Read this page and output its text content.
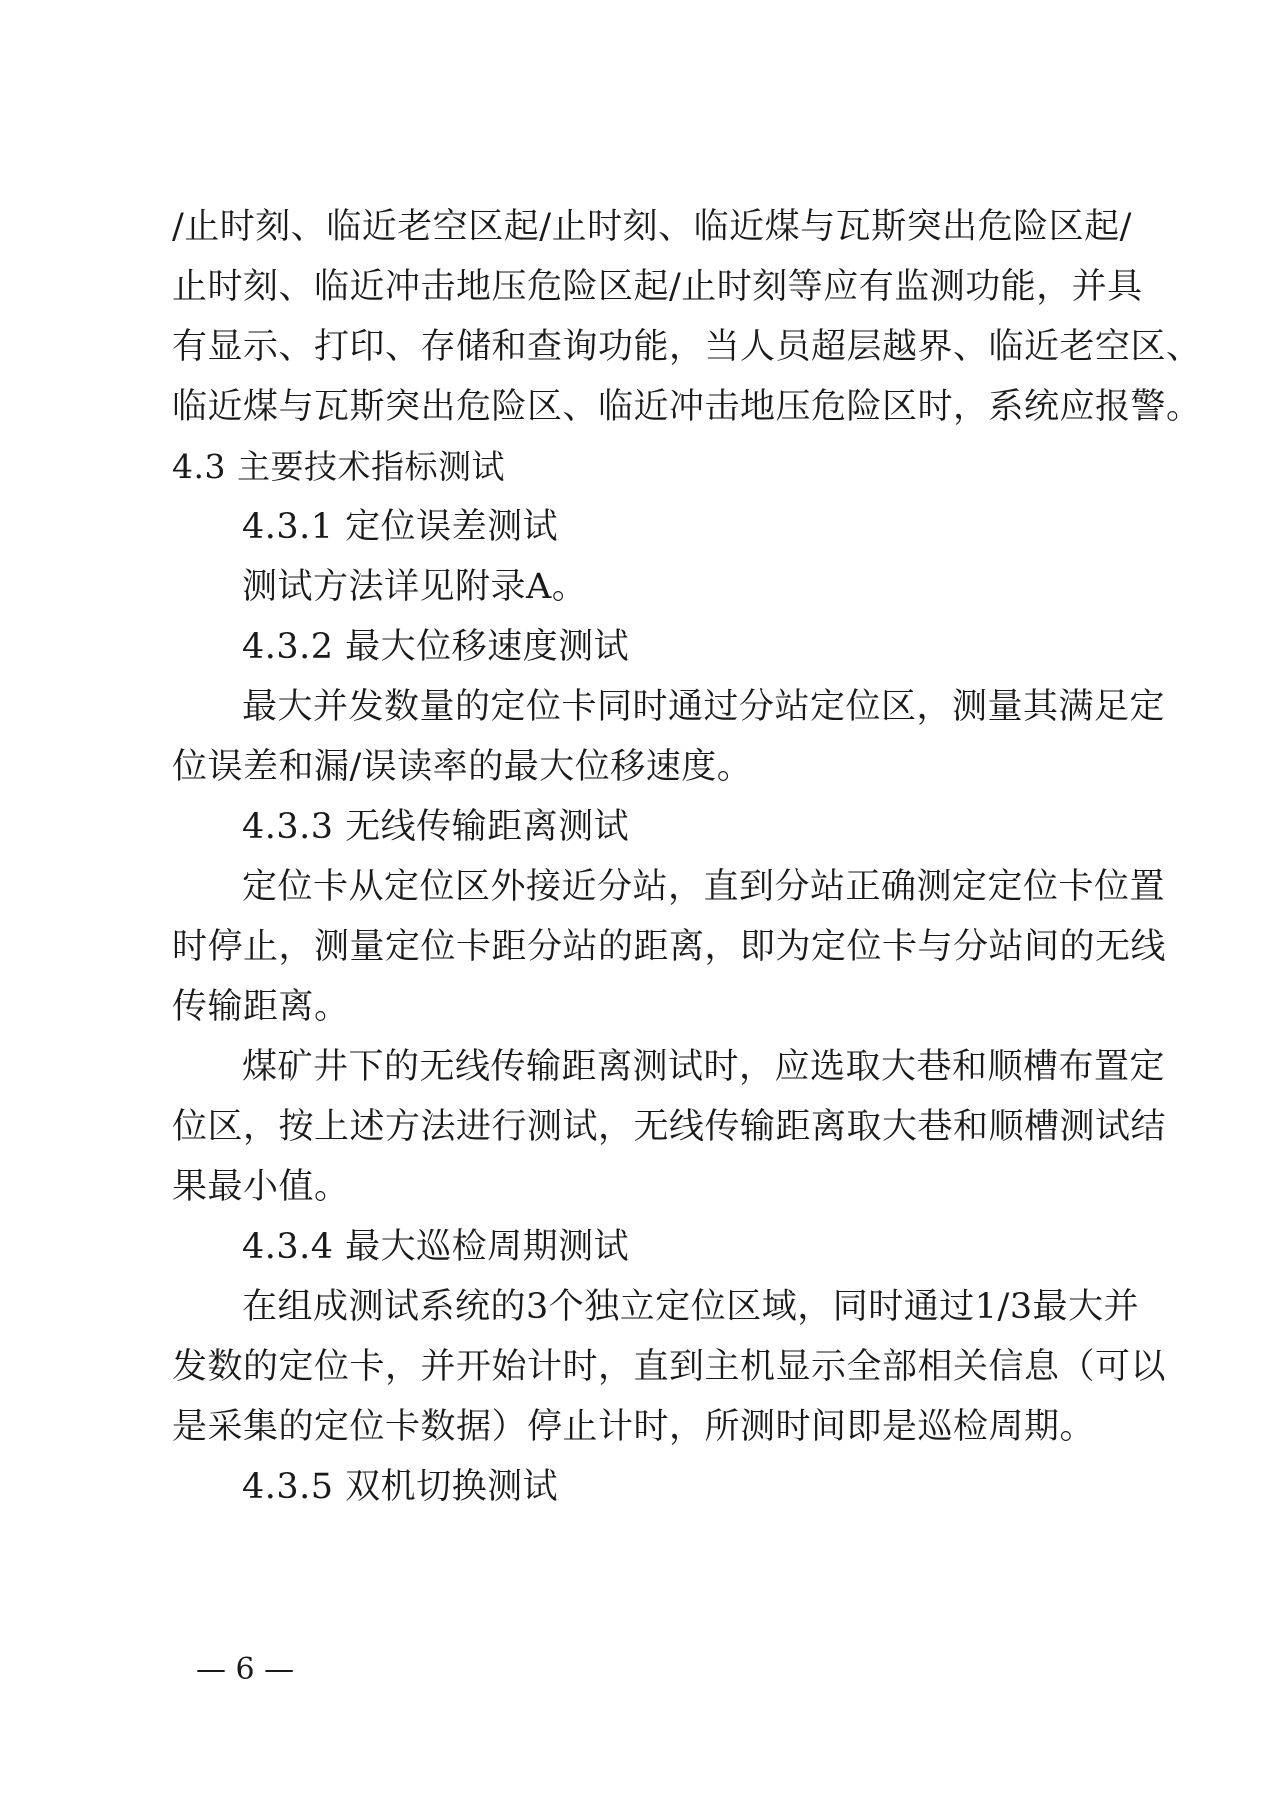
/止时刻、临近老空区起/止时刻、临近煤与瓦斯突出危险区起/
止时刻、临近冲击地压危险区起/止时刻等应有监测功能，并具
有显示、打印、存储和查询功能，当人员超层越界、临近老空区、
临近煤与瓦斯突出危险区、临近冲击地压危险区时，系统应报警。
4.3 主要技术指标测试
4.3.1 定位误差测试
测试方法详见附录A。
4.3.2 最大位移速度测试
最大并发数量的定位卡同时通过分站定位区，测量其满足定
位误差和漏/误读率的最大位移速度。
4.3.3 无线传输距离测试
定位卡从定位区外接近分站，直到分站正确测定定位卡位置
时停止，测量定位卡距分站的距离，即为定位卡与分站间的无线
传输距离。
煤矿井下的无线传输距离测试时，应选取大巷和顺槽布置定
位区，按上述方法进行测试，无线传输距离取大巷和顺槽测试结
果最小值。
4.3.4 最大巡检周期测试
在组成测试系统的3个独立定位区域，同时通过1/3最大并
发数的定位卡，并开始计时，直到主机显示全部相关信息（可以
是采集的定位卡数据）停止计时，所测时间即是巡检周期。
4.3.5 双机切换测试
— 6 —
